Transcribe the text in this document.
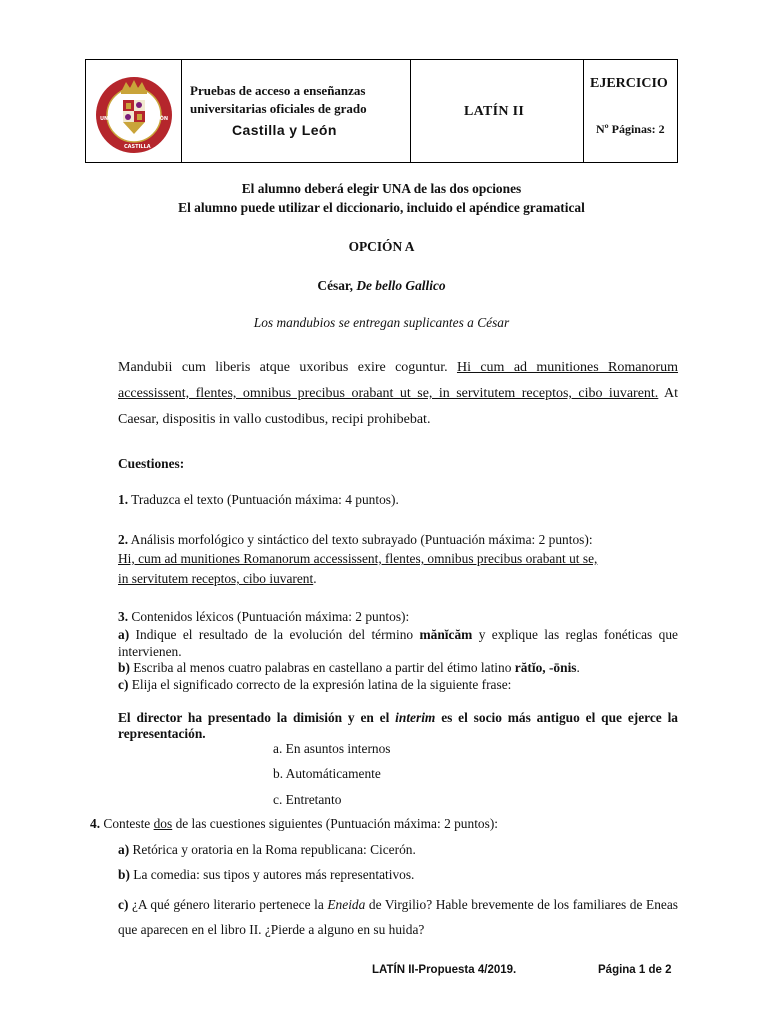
UNIV	LEÓN
CASTILLA
Pruebas de acceso a enseñanzas
universitarias oficiales de grado
Castilla y León
LATÍN II
EJERCICIO
Nº Páginas: 2
El alumno deberá elegir UNA de las dos opciones
El alumno puede utilizar el diccionario, incluido el apéndice gramatical
OPCIÓN A
César, De bello Gallico
Los mandubios se entregan suplicantes a César
Mandubii cum liberis atque uxoribus exire coguntur. Hi cum ad munitiones Romanorum accessissent, flentes, omnibus precibus orabant ut se, in servitutem receptos, cibo iuvarent. At Caesar, dispositis in vallo custodibus, recipi prohibebat.
Cuestiones:
1. Traduzca el texto (Puntuación máxima: 4 puntos).
2. Análisis morfológico y sintáctico del texto subrayado (Puntuación máxima: 2 puntos):
Hi, cum ad munitiones Romanorum accessissent, flentes, omnibus precibus orabant ut se,
in servitutem receptos, cibo iuvarent.
3. Contenidos léxicos (Puntuación máxima: 2 puntos):
a) Indique el resultado de la evolución del término mănĭcăm y explique las reglas fonéticas que intervienen.
b) Escriba al menos cuatro palabras en castellano a partir del étimo latino rătĭo, -ōnis.
c) Elija el significado correcto de la expresión latina de la siguiente frase:
El director ha presentado la dimisión y en el interim es el socio más antiguo el que ejerce la representación.
a. En asuntos internos
b. Automáticamente
c. Entretanto
4. Conteste dos de las cuestiones siguientes (Puntuación máxima: 2 puntos):
a) Retórica y oratoria en la Roma republicana: Cicerón.
b) La comedia: sus tipos y autores más representativos.
c) ¿A qué género literario pertenece la Eneida de Virgilio? Hable brevemente de los familiares de Eneas que aparecen en el libro II. ¿Pierde a alguno en su huida?
LATÍN II-Propuesta 4/2019.	Página 1 de 2
